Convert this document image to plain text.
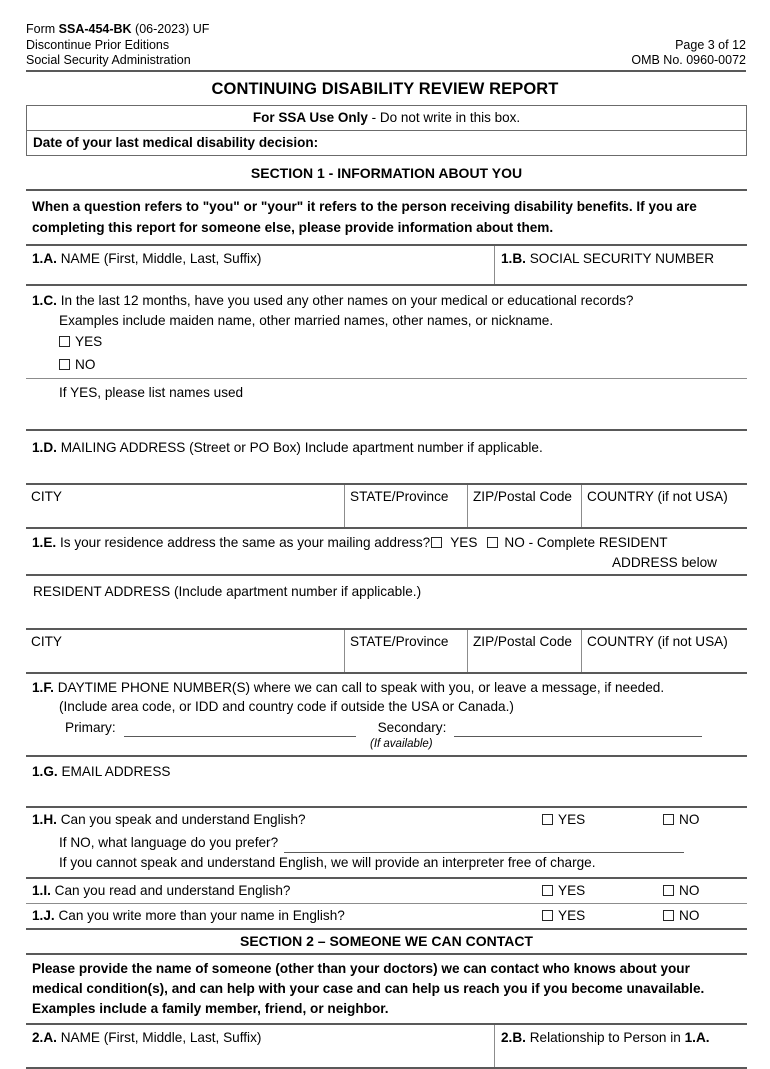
Form SSA-454-BK (06-2023) UF
Discontinue Prior Editions
Social Security Administration
Page 3 of 12
OMB No. 0960-0072
CONTINUING DISABILITY REVIEW REPORT
For SSA Use Only - Do not write in this box.
Date of your last medical disability decision:
SECTION 1 - INFORMATION ABOUT YOU
When a question refers to "you" or "your" it refers to the person receiving disability benefits. If you are completing this report for someone else, please provide information about them.
1.A. NAME (First, Middle, Last, Suffix)	1.B. SOCIAL SECURITY NUMBER
1.C. In the last 12 months, have you used any other names on your medical or educational records?
Examples include maiden name, other married names, other names, or nickname.
YES
NO
If YES, please list names used
1.D. MAILING ADDRESS (Street or PO Box) Include apartment number if applicable.
CITY	STATE/Province	ZIP/Postal Code	COUNTRY (if not USA)
1.E. Is your residence address the same as your mailing address? YES NO - Complete RESIDENT
ADDRESS below
RESIDENT ADDRESS (Include apartment number if applicable.)
CITY	STATE/Province	ZIP/Postal Code	COUNTRY (if not USA)
1.F. DAYTIME PHONE NUMBER(S) where we can call to speak with you, or leave a message, if needed.
(Include area code, or IDD and country code if outside the USA or Canada.)
Primary:	Secondary:
(If available)
1.G. EMAIL ADDRESS
1.H. Can you speak and understand English?	YES	NO
If NO, what language do you prefer?
If you cannot speak and understand English, we will provide an interpreter free of charge.
1.I. Can you read and understand English?	YES	NO
1.J. Can you write more than your name in English?	YES	NO
SECTION 2 – SOMEONE WE CAN CONTACT
Please provide the name of someone (other than your doctors) we can contact who knows about your medical condition(s), and can help with your case and can help us reach you if you become unavailable. Examples include a family member, friend, or neighbor.
2.A. NAME (First, Middle, Last, Suffix)	2.B. Relationship to Person in 1.A.
